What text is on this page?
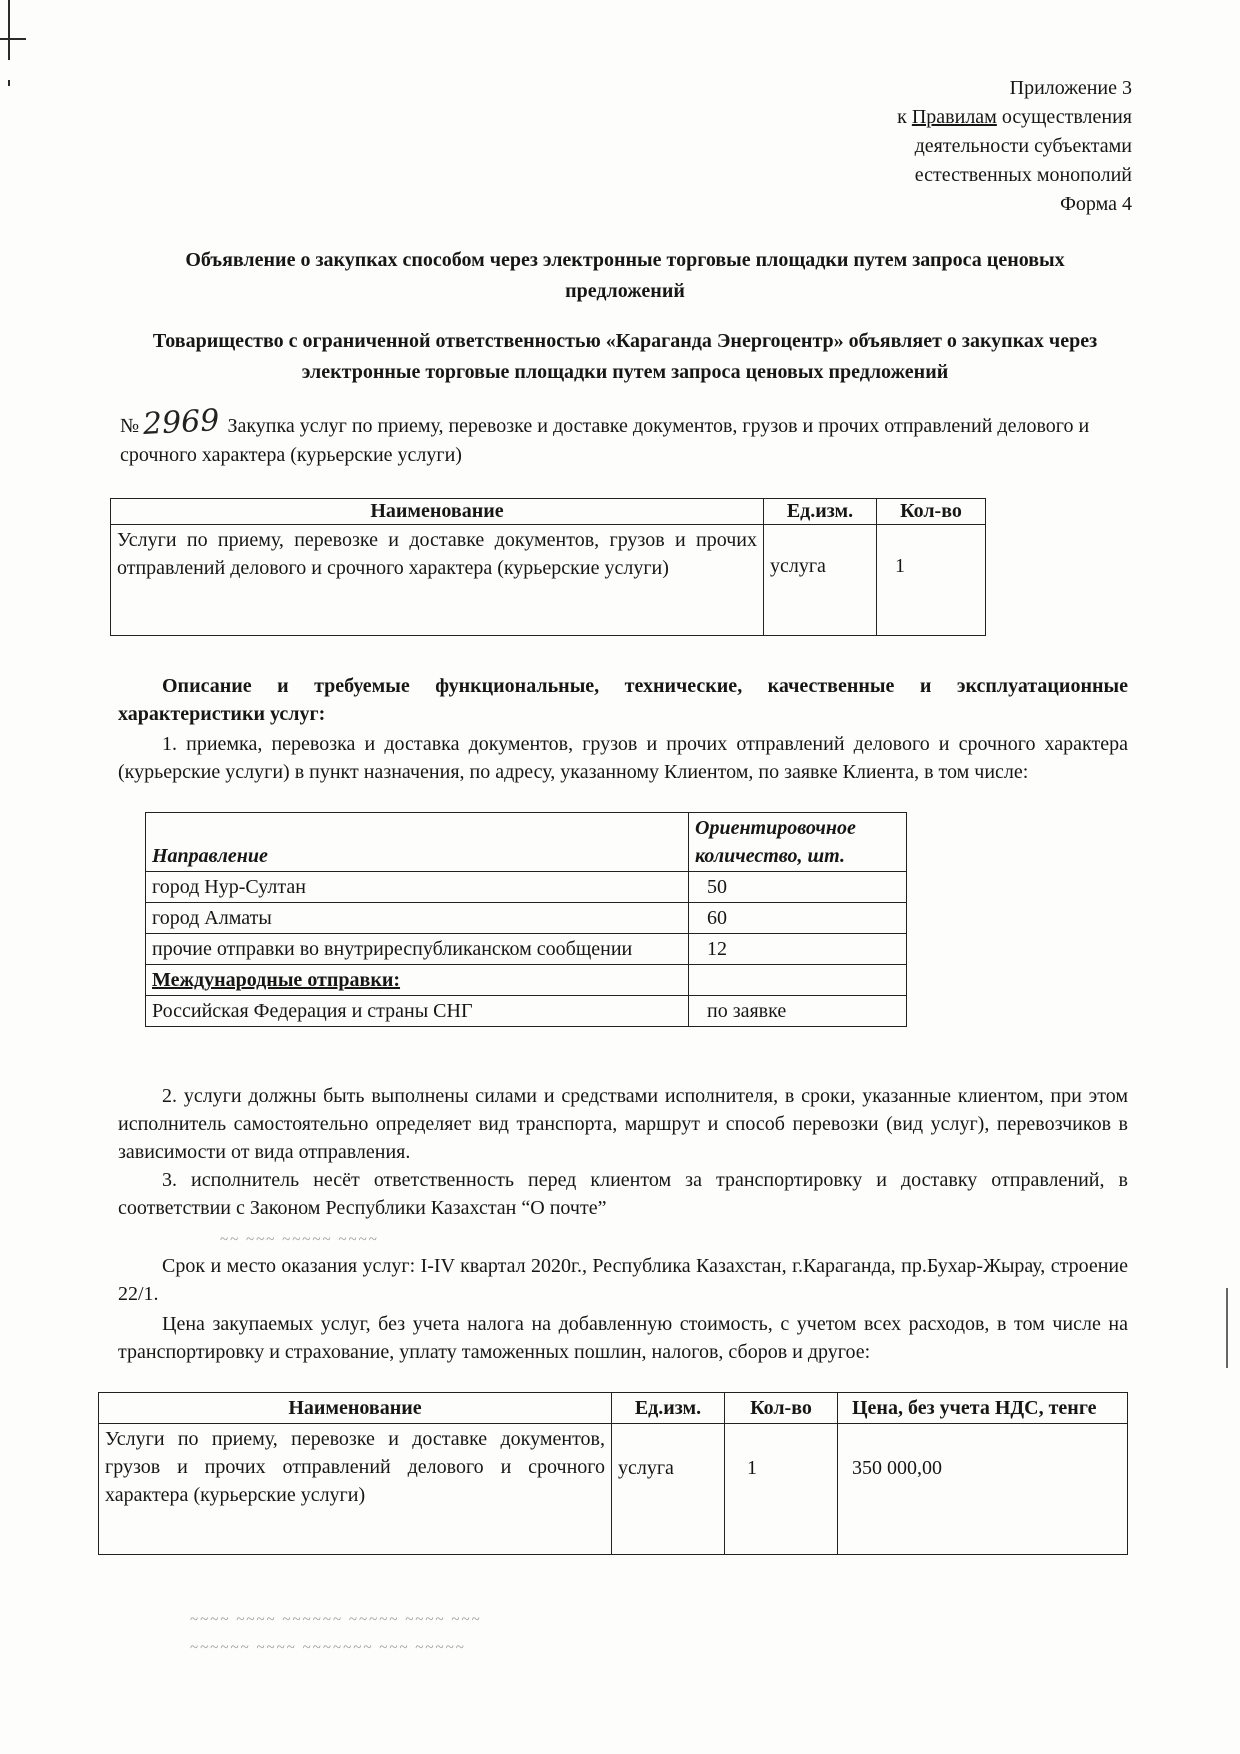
Приложение 3
к Правилам осуществления
деятельности субъектами
естественных монополий
Форма 4
Объявление о закупках способом через электронные торговые площадки путем запроса ценовых предложений
Товарищество с ограниченной ответственностью «Караганда Энергоцентр» объявляет о закупках через электронные торговые площадки путем запроса ценовых предложений
№ 2969 Закупка услуг по приему, перевозке и доставке документов, грузов и прочих отправлений делового и срочного характера (курьерские услуги)
Наименование	Ед.изм.	Кол-во
Услуги по приему, перевозке и доставке документов, грузов и прочих отправлений делового и срочного характера (курьерские услуги)	услуга	1
Описание и требуемые функциональные, технические, качественные и эксплуатационные характеристики услуг:
1. приемка, перевозка и доставка документов, грузов и прочих отправлений делового и срочного характера (курьерские услуги) в пункт назначения, по адресу, указанному Клиентом, по заявке Клиента, в том числе:
Направление	Ориентировочное количество, шт.
город Нур-Султан	50
город Алматы	60
прочие отправки во внутриреспубликанском сообщении	12
Международные отправки:	
Российская Федерация и страны СНГ	по заявке
2. услуги должны быть выполнены силами и средствами исполнителя, в сроки, указанные клиентом, при этом исполнитель самостоятельно определяет вид транспорта, маршрут и способ перевозки (вид услуг), перевозчиков в зависимости от вида отправления.
3. исполнитель несёт ответственность перед клиентом за транспортировку и доставку отправлений, в соответствии с Законом Республики Казахстан “О почте”
~~ ~~~ ~~~~~ ~~~~
Срок и место оказания услуг: I-IV квартал 2020г., Республика Казахстан, г.Караганда, пр.Бухар-Жырау, строение 22/1.
Цена закупаемых услуг, без учета налога на добавленную стоимость, с учетом всех расходов, в том числе на транспортировку и страхование, уплату таможенных пошлин, налогов, сборов и другое:
Наименование	Ед.изм.	Кол-во	Цена, без учета НДС, тенге
Услуги по приему, перевозке и доставке документов, грузов и прочих отправлений делового и срочного характера (курьерские услуги)	услуга	1	350 000,00
~~~~ ~~~~ ~~~~~~ ~~~~~ ~~~~ ~~~
~~~~~~ ~~~~ ~~~~~~~ ~~~ ~~~~~
